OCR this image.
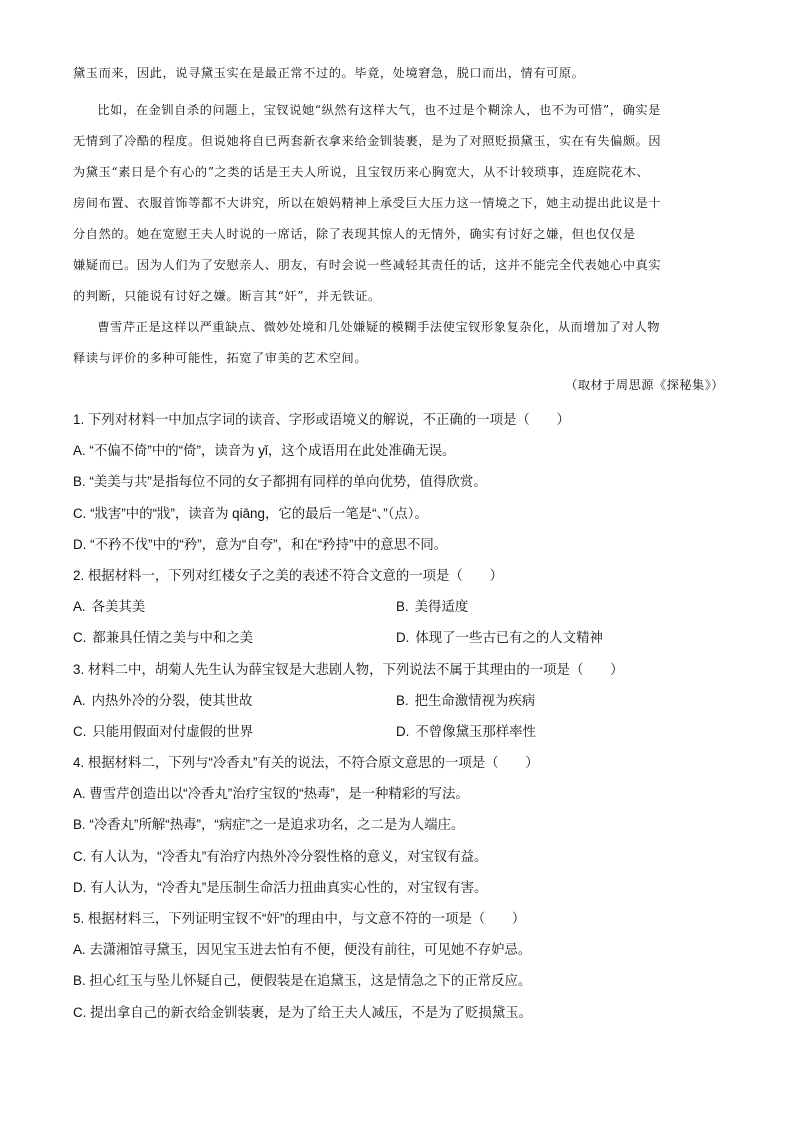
黛玉而来，因此，说寻黛玉实在是最正常不过的。毕竟，处境窘急，脱口而出，情有可原。

比如，在金钏自杀的问题上，宝钗说她“纵然有这样大气，也不过是个糊涂人，也不为可惜”，确实是

无情到了冷酷的程度。但说她将自已两套新衣拿来给金钏装裹，是为了对照贬损黛玉，实在有失偏颇。因

为黛玉“素日是个有心的”之类的话是王夫人所说，且宝钗历来心胸宽大，从不计较琐事，连庭院花木、

房间布置、衣服首饰等都不大讲究，所以在娘妈精神上承受巨大压力这一情境之下，她主动提出此议是十

分自然的。她在宽慰王夫人时说的一席话，除了表现其惊人的无情外，确实有讨好之嫌，但也仅仅是

嫌疑而已。因为人们为了安慰亲人、朋友，有时会说一些减轻其责任的话，这并不能完全代表她心中真实

的判断，只能说有讨好之嫌。断言其“奸”，并无铁证。

曹雪芹正是这样以严重缺点、微妙处境和几处嫌疑的模糊手法使宝钗形象复杂化，从而增加了对人物

释读与评价的多种可能性，拓宽了审美的艺术空间。

（取材于周思源《探秘集》）
1. 下列对材料一中加点字词的读音、字形或语境义的解说，不正确的一项是（　　）
A. “不偏不倚”中的“倚”，读音为 yǐ，这个成语用在此处准确无误。
B. “美美与共”是指每位不同的女子都拥有同样的单向优势，值得欣赏。
C. “戕害”中的“戕”，读音为 qiāng，它的最后一笔是“、”（点）。
D. “不矜不伐”中的“矜”，意为“自夸”，和在“矜持”中的意思不同。
2. 根据材料一，下列对红楼女子之美的表述不符合文意的一项是（　　）
A. 各美其美	B. 美得适度
C. 都兼具任情之美与中和之美	D. 体现了一些古已有之的人文精神
3. 材料二中，胡菊人先生认为薛宝钗是大悲剧人物，下列说法不属于其理由的一项是（　　）
A. 内热外冷的分裂，使其世故	B. 把生命激情视为疾病
C. 只能用假面对付虚假的世界	D. 不曾像黛玉那样率性
4. 根据材料二，下列与“冷香丸”有关的说法，不符合原文意思的一项是（　　）
A. 曹雪芹创造出以“冷香丸”治疗宝钗的“热毒”，是一种精彩的写法。
B. “冷香丸”所解“热毒”，“病症”之一是追求功名，之二是为人端庄。
C. 有人认为，“冷香丸”有治疗内热外冷分裂性格的意义，对宝钗有益。
D. 有人认为，“冷香丸”是压制生命活力扭曲真实心性的，对宝钗有害。
5. 根据材料三，下列证明宝钗不“奸”的理由中，与文意不符的一项是（　　）
A. 去潇湘馆寻黛玉，因见宝玉进去怕有不便，便没有前往，可见她不存妒忌。
B. 担心红玉与坠儿怀疑自己，便假装是在追黛玉，这是情急之下的正常反应。
C. 提出拿自己的新衣给金钏装裹，是为了给王夫人减压，不是为了贬损黛玉。
